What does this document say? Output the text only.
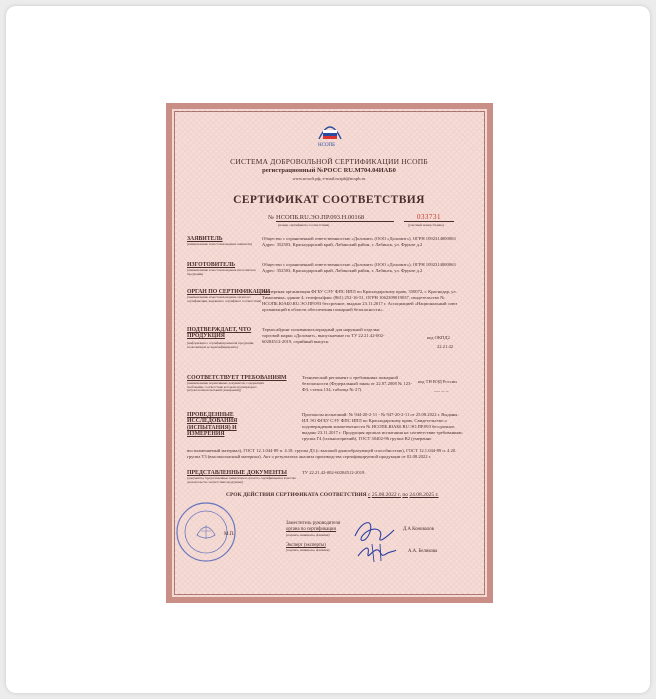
НСОПБ
СИСТЕМА ДОБРОВОЛЬНОЙ СЕРТИФИКАЦИИ НСОПБ
регистрационный №РОСС RU.М704.04ИАБ0
www.ncsofi.pф, e-mail:ncspb@ncspb.ru
СЕРТИФИКАТ СООТВЕТСТВИЯ
№ НСОПБ.RU.ЭО.ПР.093.Н.00168
(номер сертификата соответствия)
033731
(учетный номер бланка)
ЗАЯВИТЕЛЬ
(наименование и местонахождение заявителя)
Общество с ограниченной ответственностью «Доломит» (ООО «Доломит»), ОГРН 1092314000063 Адрес: 352503, Краснодарский край, Лабинский район, г. Лабинск, ул. Фрунзе д.2
ИЗГОТОВИТЕЛЬ
(наименование и местонахождение изготовителя продукции)
Общество с ограниченной ответственностью «Доломит» (ООО «Доломит»), ОГРН 1092314000063 Адрес: 352503, Краснодарский край, Лабинский район, г. Лабинск, ул. Фрунзе д.2
ОРГАН ПО СЕРТИФИКАЦИИ
(наименование и местонахождение органа по сертификации, выдавшего сертификат соответствия)
Экспертная организация ФГБУ СЭУ ФПС ИПЛ по Краснодарскому краю, 350072, г. Краснодар, ул. Тимошенка, здание 4, телефон/факс (861) 252-16-51, ОГРН 1062309019037, свидетельство № НСОПБ.ЮАБ0.RU.ЭО.ПР.093 бессрочное, выдано 23.11.2017 г. Ассоциацией «Национальный союз организаций в области обеспечения пожарной безопасности».
ПОДТВЕРЖДАЕТ, ЧТО ПРОДУКЦИЯ
(информация о сертифицированной продукции, позволяющая ее идентифицировать)
Термосайдинг поливинилхлоридный для наружной отделки торговой марки «Доломит», выпускаемые по ТУ 22.21.42-002-60284512-2019, серийный выпуск.
код ОКПД2
22.21.42
СООТВЕТСТВУЕТ ТРЕБОВАНИЯМ
(наименование нормативных документов, содержащих требования, соответствие которым подтверждено результатами испытаний (измерений))
Технический регламент о требованиях пожарной безопасности (Федеральный закон от 22.07.2008 № 123-ФЗ, статья 134, таблица № 27).
код ТН ВЭД России
---- -- --
ПРОВЕДЕННЫЕ ИССЛЕДОВАНИЯ (ИСПЫТАНИЯ) И ИЗМЕРЕНИЯ
Протоколы испытаний: № 944-20-2-11 - № 947-20-2-11 от 25.08.2022 г. Выданы: ИЛ ЭО ФГБУ СЭУ ФПС ИПЛ по Краснодарскому краю, Свидетельство о подтверждении компетентности № НСОПБ.ЮАБ0.RU.ЭО.ПР.093 бессрочное, выдано 23.11.2017 г. Продукция прошла испытания на соответствие требованиям: группа Г4 (сильногорючий), ГОСТ 30402-96 группа В2 (умеренно
воспламеняемый материал), ГОСТ 12.1.044-89 п. 4.18. группа Д3 (с высокой дымообразующей способностью), ГОСТ 12.1.044-89 п. 4.20. группа Т3 (высокоопасный материал). Акт о результатах анализа производства сертифицируемой продукции от 02.08.2022 г.
ПРЕДСТАВЛЕННЫЕ ДОКУМЕНТЫ
(документы, представленные заявителем в орган по сертификации в качестве доказательств соответствия продукции)
ТУ 22.21.42-002-60284512-2019.
СРОК ДЕЙСТВИЯ СЕРТИФИКАТА СООТВЕТСТВИЯ с 25.08.2022 г. по 24.08.2025 г.
М.П.
Заместитель руководителя
органа по сертификации
(подпись, инициалы, фамилия)
Эксперт (эксперты)
(подпись, инициалы, фамилия)
Д.А Коновалов
А.А. Беликова
